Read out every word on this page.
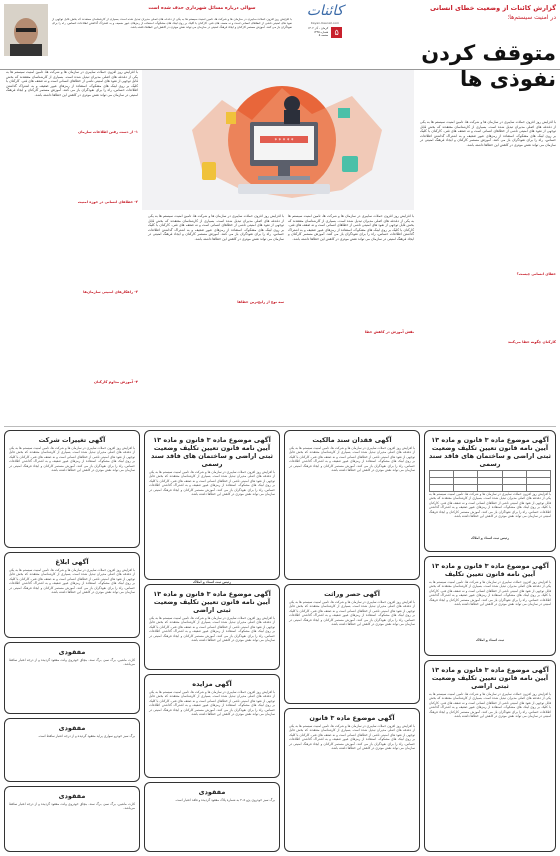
با افزایش روز افزون حملات سایبری در سازمان ها و شرکت ها، تامین امنیت سیستم ها به یکی از دغدغه های اصلی مدیران تبدیل شده است. بسیاری از کارشناسان معتقدند که بخش قابل توجهی از نفوذ های امنیتی ناشی از خطاهای انسانی است و نه ضعف های فنی. کارکنان با کلیک بر روی لینک های مشکوک، استفاده از رمزهای عبور ضعیف و به اشتراک گذاشتن اطلاعات حساس، راه را برای نفوذگران باز می کنند. آموزش مستمر کارکنان و ایجاد فرهنگ امنیتی در سازمان می تواند نقش موثری در کاهش این خطاها داشته باشد.
سوالی درباره مسائل شهرداری حذف شده است	کائنات
Kayan-Kaenat.com
۵
کرمان - آذر ۱۴۰۲
شماره ۱۴۳۵
صفحه ۵
گزارش کائنات از وضعیت خطای انسانی
در امنیت سیستم‌ها؛
متوقف کردن نفوذی ها
با افزایش روز افزون حملات سایبری در سازمان ها و شرکت ها، تامین امنیت سیستم ها به یکی از دغدغه های اصلی مدیران تبدیل شده است. بسیاری از کارشناسان معتقدند که بخش قابل توجهی از نفوذ های امنیتی ناشی از خطاهای انسانی است و نه ضعف های فنی. کارکنان با کلیک بر روی لینک های مشکوک، استفاده از رمزهای عبور ضعیف و به اشتراک گذاشتن اطلاعات حساس، راه را برای نفوذگران باز می کنند. آموزش مستمر کارکنان و ایجاد فرهنگ امنیتی در سازمان می تواند نقش موثری در کاهش این خطاها داشته باشد.
خطای انسانی چیست؟
کارکنان چگونه خطا می‌کنند
* * * * *
با افزایش روز افزون حملات سایبری در سازمان ها و شرکت ها، تامین امنیت سیستم ها به یکی از دغدغه های اصلی مدیران تبدیل شده است. بسیاری از کارشناسان معتقدند که بخش قابل توجهی از نفوذ های امنیتی ناشی از خطاهای انسانی است و نه ضعف های فنی. کارکنان با کلیک بر روی لینک های مشکوک، استفاده از رمزهای عبور ضعیف و به اشتراک گذاشتن اطلاعات حساس، راه را برای نفوذگران باز می کنند. آموزش مستمر کارکنان و ایجاد فرهنگ امنیتی در سازمان می تواند نقش موثری در کاهش این خطاها داشته باشد.
با افزایش روز افزون حملات سایبری در سازمان ها و شرکت ها، تامین امنیت سیستم ها به یکی از دغدغه های اصلی مدیران تبدیل شده است. بسیاری از کارشناسان معتقدند که بخش قابل توجهی از نفوذ های امنیتی ناشی از خطاهای انسانی است و نه ضعف های فنی. کارکنان با کلیک بر روی لینک های مشکوک، استفاده از رمزهای عبور ضعیف و به اشتراک گذاشتن اطلاعات حساس، راه را برای نفوذگران باز می کنند. آموزش مستمر کارکنان و ایجاد فرهنگ امنیتی در سازمان می تواند نقش موثری در کاهش این خطاها داشته باشد.
سه نوع از رایج‌ترین خطاها
نقش آموزش در کاهش خطا
با افزایش روز افزون حملات سایبری در سازمان ها و شرکت ها، تامین امنیت سیستم ها به یکی از دغدغه های اصلی مدیران تبدیل شده است. بسیاری از کارشناسان معتقدند که بخش قابل توجهی از نفوذ های امنیتی ناشی از خطاهای انسانی است و نه ضعف های فنی. کارکنان با کلیک بر روی لینک های مشکوک، استفاده از رمزهای عبور ضعیف و به اشتراک گذاشتن اطلاعات حساس، راه را برای نفوذگران باز می کنند. آموزش مستمر کارکنان و ایجاد فرهنگ امنیتی در سازمان می تواند نقش موثری در کاهش این خطاها داشته باشد.
۱- از دست رفتن اطلاعات سازمان
۲- خطاهای انسانی در حوزه امنیت
۳- راهکارهای امنیتی سازمان‌ها
۴- آموزش مداوم کارکنان
آگهی موضوع ماده ۳ قانون و ماده ۱۳ آیین نامه قانون تعیین تکلیف وضعیت ثبتی اراضی و ساختمان های فاقد سند رسمی

با افزایش روز افزون حملات سایبری در سازمان ها و شرکت ها، تامین امنیت سیستم ها به یکی از دغدغه های اصلی مدیران تبدیل شده است. بسیاری از کارشناسان معتقدند که بخش قابل توجهی از نفوذ های امنیتی ناشی از خطاهای انسانی است و نه ضعف های فنی. کارکنان با کلیک بر روی لینک های مشکوک، استفاده از رمزهای عبور ضعیف و به اشتراک گذاشتن اطلاعات حساس، راه را برای نفوذگران باز می کنند. آموزش مستمر کارکنان و ایجاد فرهنگ امنیتی در سازمان می تواند نقش موثری در کاهش این خطاها داشته باشد.
رئیس ثبت اسناد و املاک
آگهی موضوع ماده ۳ قانون و ماده ۱۳ آیین نامه قانون تعیین تکلیف
با افزایش روز افزون حملات سایبری در سازمان ها و شرکت ها، تامین امنیت سیستم ها به یکی از دغدغه های اصلی مدیران تبدیل شده است. بسیاری از کارشناسان معتقدند که بخش قابل توجهی از نفوذ های امنیتی ناشی از خطاهای انسانی است و نه ضعف های فنی. کارکنان با کلیک بر روی لینک های مشکوک، استفاده از رمزهای عبور ضعیف و به اشتراک گذاشتن اطلاعات حساس، راه را برای نفوذگران باز می کنند. آموزش مستمر کارکنان و ایجاد فرهنگ امنیتی در سازمان می تواند نقش موثری در کاهش این خطاها داشته باشد.
ثبت اسناد و املاک
آگهی موضوع ماده ۳ قانون و ماده ۱۳ آیین نامه قانون تعیین تکلیف وضعیت ثبتی اراضی
با افزایش روز افزون حملات سایبری در سازمان ها و شرکت ها، تامین امنیت سیستم ها به یکی از دغدغه های اصلی مدیران تبدیل شده است. بسیاری از کارشناسان معتقدند که بخش قابل توجهی از نفوذ های امنیتی ناشی از خطاهای انسانی است و نه ضعف های فنی. کارکنان با کلیک بر روی لینک های مشکوک، استفاده از رمزهای عبور ضعیف و به اشتراک گذاشتن اطلاعات حساس، راه را برای نفوذگران باز می کنند. آموزش مستمر کارکنان و ایجاد فرهنگ امنیتی در سازمان می تواند نقش موثری در کاهش این خطاها داشته باشد.
آگهی فقدان سند مالکیت
با افزایش روز افزون حملات سایبری در سازمان ها و شرکت ها، تامین امنیت سیستم ها به یکی از دغدغه های اصلی مدیران تبدیل شده است. بسیاری از کارشناسان معتقدند که بخش قابل توجهی از نفوذ های امنیتی ناشی از خطاهای انسانی است و نه ضعف های فنی. کارکنان با کلیک بر روی لینک های مشکوک، استفاده از رمزهای عبور ضعیف و به اشتراک گذاشتن اطلاعات حساس، راه را برای نفوذگران باز می کنند. آموزش مستمر کارکنان و ایجاد فرهنگ امنیتی در سازمان می تواند نقش موثری در کاهش این خطاها داشته باشد.
آگهی حصر وراثت
با افزایش روز افزون حملات سایبری در سازمان ها و شرکت ها، تامین امنیت سیستم ها به یکی از دغدغه های اصلی مدیران تبدیل شده است. بسیاری از کارشناسان معتقدند که بخش قابل توجهی از نفوذ های امنیتی ناشی از خطاهای انسانی است و نه ضعف های فنی. کارکنان با کلیک بر روی لینک های مشکوک، استفاده از رمزهای عبور ضعیف و به اشتراک گذاشتن اطلاعات حساس، راه را برای نفوذگران باز می کنند. آموزش مستمر کارکنان و ایجاد فرهنگ امنیتی در سازمان می تواند نقش موثری در کاهش این خطاها داشته باشد.
آگهی موضوع ماده ۳ قانون
با افزایش روز افزون حملات سایبری در سازمان ها و شرکت ها، تامین امنیت سیستم ها به یکی از دغدغه های اصلی مدیران تبدیل شده است. بسیاری از کارشناسان معتقدند که بخش قابل توجهی از نفوذ های امنیتی ناشی از خطاهای انسانی است و نه ضعف های فنی. کارکنان با کلیک بر روی لینک های مشکوک، استفاده از رمزهای عبور ضعیف و به اشتراک گذاشتن اطلاعات حساس، راه را برای نفوذگران باز می کنند. آموزش مستمر کارکنان و ایجاد فرهنگ امنیتی در سازمان می تواند نقش موثری در کاهش این خطاها داشته باشد.
آگهی موضوع ماده ۳ قانون و ماده ۱۳ آیین نامه قانون تعیین تکلیف وضعیت ثبتی اراضی و ساختمان های فاقد سند رسمی
با افزایش روز افزون حملات سایبری در سازمان ها و شرکت ها، تامین امنیت سیستم ها به یکی از دغدغه های اصلی مدیران تبدیل شده است. بسیاری از کارشناسان معتقدند که بخش قابل توجهی از نفوذ های امنیتی ناشی از خطاهای انسانی است و نه ضعف های فنی. کارکنان با کلیک بر روی لینک های مشکوک، استفاده از رمزهای عبور ضعیف و به اشتراک گذاشتن اطلاعات حساس، راه را برای نفوذگران باز می کنند. آموزش مستمر کارکنان و ایجاد فرهنگ امنیتی در سازمان می تواند نقش موثری در کاهش این خطاها داشته باشد.
رئیس ثبت اسناد و املاک
آگهی موضوع ماده ۳ قانون و ماده ۱۳ آیین نامه قانون تعیین تکلیف وضعیت ثبتی اراضی
با افزایش روز افزون حملات سایبری در سازمان ها و شرکت ها، تامین امنیت سیستم ها به یکی از دغدغه های اصلی مدیران تبدیل شده است. بسیاری از کارشناسان معتقدند که بخش قابل توجهی از نفوذ های امنیتی ناشی از خطاهای انسانی است و نه ضعف های فنی. کارکنان با کلیک بر روی لینک های مشکوک، استفاده از رمزهای عبور ضعیف و به اشتراک گذاشتن اطلاعات حساس، راه را برای نفوذگران باز می کنند. آموزش مستمر کارکنان و ایجاد فرهنگ امنیتی در سازمان می تواند نقش موثری در کاهش این خطاها داشته باشد.
آگهی مزایده
با افزایش روز افزون حملات سایبری در سازمان ها و شرکت ها، تامین امنیت سیستم ها به یکی از دغدغه های اصلی مدیران تبدیل شده است. بسیاری از کارشناسان معتقدند که بخش قابل توجهی از نفوذ های امنیتی ناشی از خطاهای انسانی است و نه ضعف های فنی. کارکنان با کلیک بر روی لینک های مشکوک، استفاده از رمزهای عبور ضعیف و به اشتراک گذاشتن اطلاعات حساس، راه را برای نفوذگران باز می کنند. آموزش مستمر کارکنان و ایجاد فرهنگ امنیتی در سازمان می تواند نقش موثری در کاهش این خطاها داشته باشد.
مفقودی
برگ سبز خودروی پژو ۴۰۵ به شماره پلاک مفقود گردیده و فاقد اعتبار است.
آگهی تغییرات شرکت
با افزایش روز افزون حملات سایبری در سازمان ها و شرکت ها، تامین امنیت سیستم ها به یکی از دغدغه های اصلی مدیران تبدیل شده است. بسیاری از کارشناسان معتقدند که بخش قابل توجهی از نفوذ های امنیتی ناشی از خطاهای انسانی است و نه ضعف های فنی. کارکنان با کلیک بر روی لینک های مشکوک، استفاده از رمزهای عبور ضعیف و به اشتراک گذاشتن اطلاعات حساس، راه را برای نفوذگران باز می کنند. آموزش مستمر کارکنان و ایجاد فرهنگ امنیتی در سازمان می تواند نقش موثری در کاهش این خطاها داشته باشد.
آگهی ابلاغ
با افزایش روز افزون حملات سایبری در سازمان ها و شرکت ها، تامین امنیت سیستم ها به یکی از دغدغه های اصلی مدیران تبدیل شده است. بسیاری از کارشناسان معتقدند که بخش قابل توجهی از نفوذ های امنیتی ناشی از خطاهای انسانی است و نه ضعف های فنی. کارکنان با کلیک بر روی لینک های مشکوک، استفاده از رمزهای عبور ضعیف و به اشتراک گذاشتن اطلاعات حساس، راه را برای نفوذگران باز می کنند. آموزش مستمر کارکنان و ایجاد فرهنگ امنیتی در سازمان می تواند نقش موثری در کاهش این خطاها داشته باشد.
مفقودی
کارت ماشین، برگ سبز، برگ سند، بنچاق خودروی وانت مفقود گردیده و از درجه اعتبار ساقط می‌باشد.
مفقودی
برگ سبز خودرو سواری پراید مفقود گردیده و از درجه اعتبار ساقط است.
مفقودی
کارت ماشین، برگ سبز، برگ سند، بنچاق خودروی وانت مفقود گردیده و از درجه اعتبار ساقط می‌باشد.
